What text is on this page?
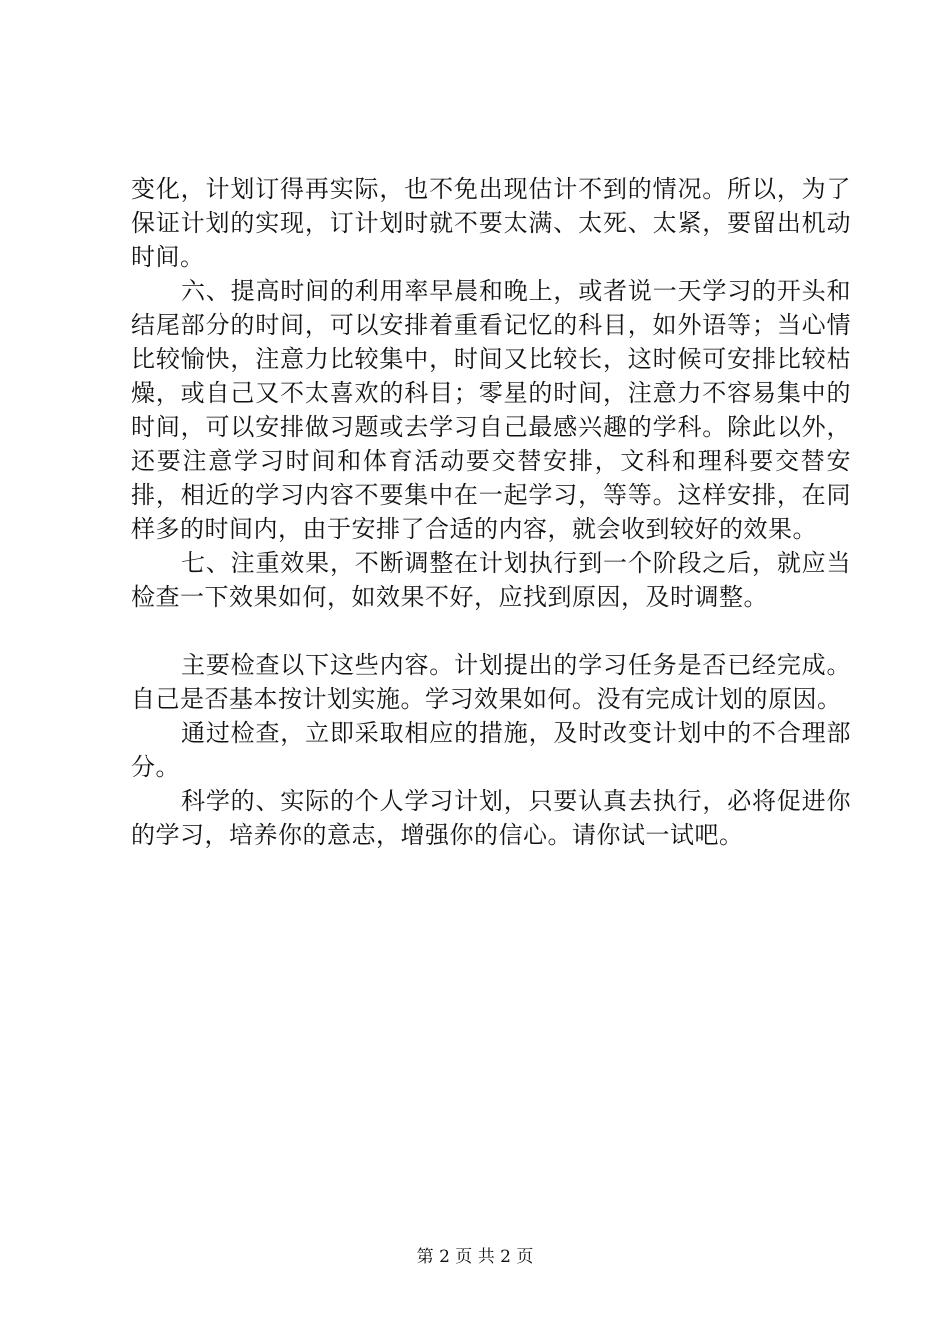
变化，计划订得再实际，也不免出现估计不到的情况。所以，为了保证计划的实现，订计划时就不要太满、太死、太紧，要留出机动时间。

六、提高时间的利用率早晨和晚上，或者说一天学习的开头和结尾部分的时间，可以安排着重看记忆的科目，如外语等；当心情比较愉快，注意力比较集中，时间又比较长，这时候可安排比较枯燥，或自己又不太喜欢的科目；零星的时间，注意力不容易集中的时间，可以安排做习题或去学习自己最感兴趣的学科。除此以外，还要注意学习时间和体育活动要交替安排，文科和理科要交替安排，相近的学习内容不要集中在一起学习，等等。这样安排，在同样多的时间内，由于安排了合适的内容，就会收到较好的效果。

七、注重效果，不断调整在计划执行到一个阶段之后，就应当检查一下效果如何，如效果不好，应找到原因，及时调整。

主要检查以下这些内容。计划提出的学习任务是否已经完成。自己是否基本按计划实施。学习效果如何。没有完成计划的原因。

通过检查，立即采取相应的措施，及时改变计划中的不合理部分。

科学的、实际的个人学习计划，只要认真去执行，必将促进你的学习，培养你的意志，增强你的信心。请你试一试吧。

第 2 页 共 2 页
